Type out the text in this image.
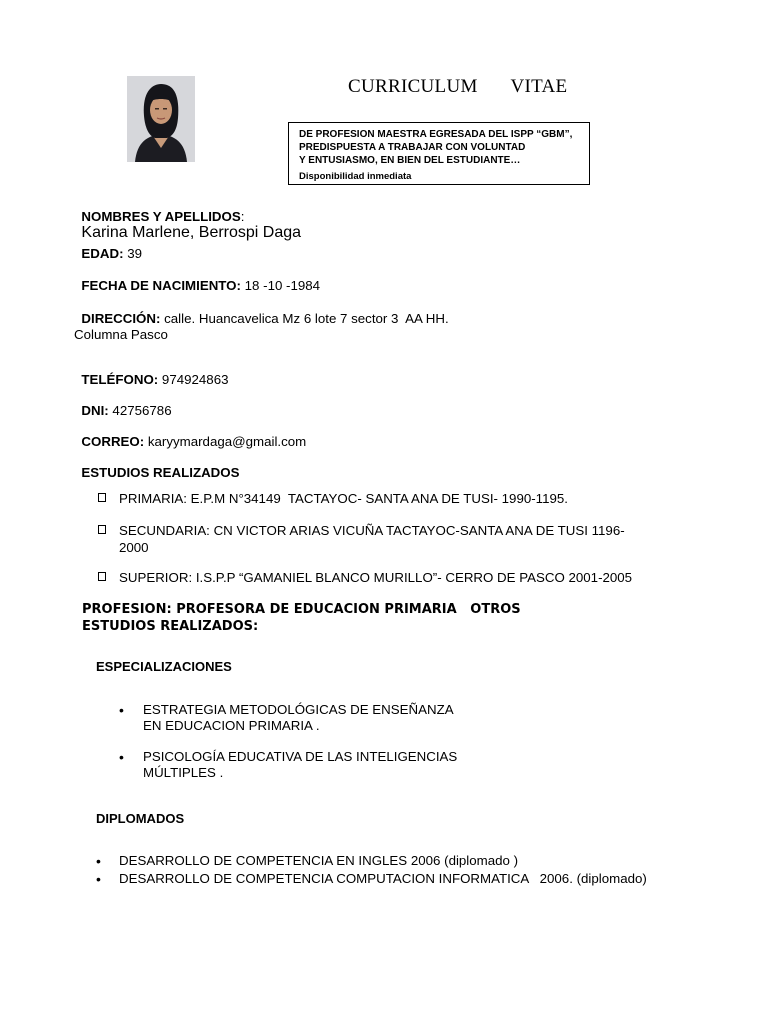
CURRICULUM   VITAE
DE PROFESION MAESTRA EGRESADA DEL ISPP “GBM”,
PREDISPUESTA A TRABAJAR CON VOLUNTAD
Y ENTUSIASMO, EN BIEN DEL ESTUDIANTE…
Disponibilidad inmediata

NOMBRES Y APELLIDOS:
Karina Marlene, Berrospi Daga

EDAD: 39

FECHA DE NACIMIENTO: 18 -10 -1984

DIRECCIÓN: calle. Huancavelica Mz 6 lote 7 sector 3  AA HH.

Columna Pasco

TELÉFONO: 974924863

DNI: 42756786

CORREO: karyymardaga@gmail.com

ESTUDIOS REALIZADOS

PRIMARIA: E.P.M N°34149  TACTAYOC- SANTA ANA DE TUSI- 1990-1195.
SECUNDARIA: CN VICTOR ARIAS VICUÑA TACTAYOC-SANTA ANA DE TUSI 1196-
2000
SUPERIOR: I.S.P.P “GAMANIEL BLANCO MURILLO”- CERRO DE PASCO 2001-2005
PROFESION: PROFESORA DE EDUCACION PRIMARIA   OTROS
ESTUDIOS REALIZADOS:
ESPECIALIZACIONES
• ESTRATEGIA METODOLÓGICAS DE ENSEÑANZA
EN EDUCACION PRIMARIA .
• PSICOLOGÍA EDUCATIVA DE LAS INTELIGENCIAS
MÚLTIPLES .
DIPLOMADOS
• DESARROLLO DE COMPETENCIA EN INGLES 2006 (diplomado )
• DESARROLLO DE COMPETENCIA COMPUTACION INFORMATICA   2006. (diplomado)
